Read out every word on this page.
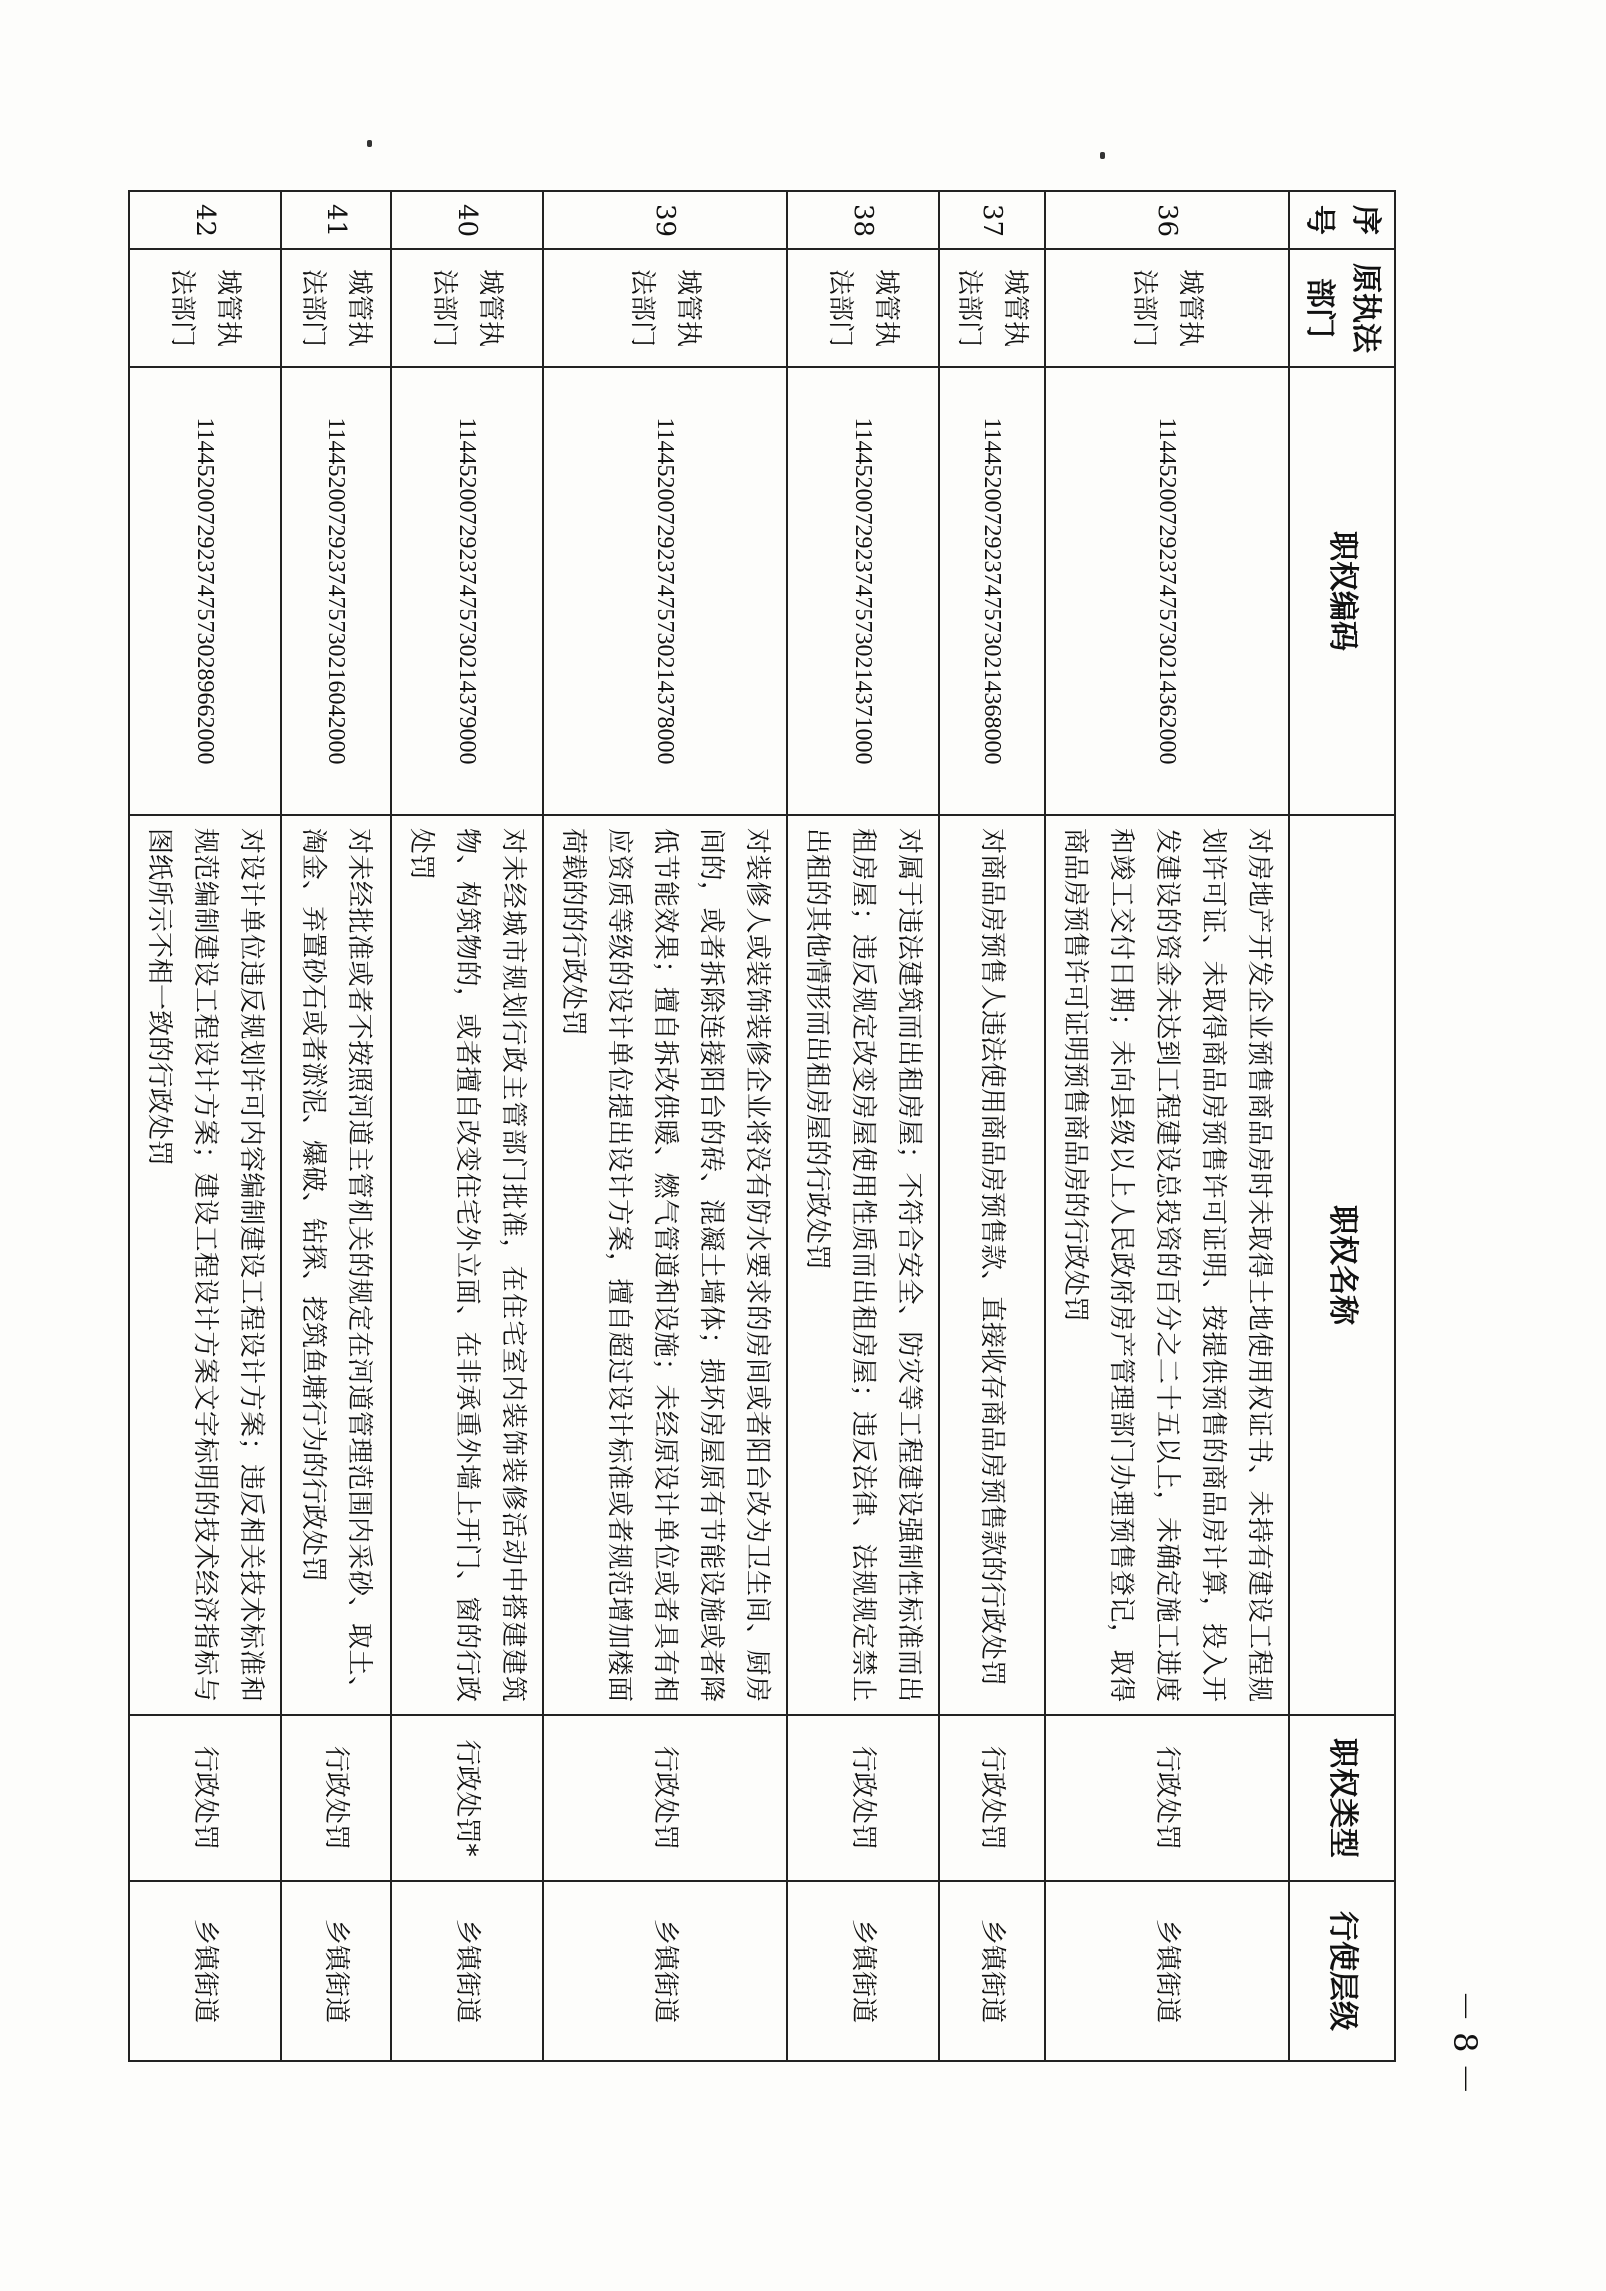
序号	原执法部门	职权编码	职权名称	职权类型	行使层级
36	城管执法部门	11445200729237475730214362000	对房地产开发企业预售商品房时未取得土地使用权证书、未持有建设工程规划许可证、未取得商品房预售许可证明、按提供预售的商品房计算，投入开发建设的资金未达到工程建设总投资的百分之二十五以上，未确定施工进度和竣工交付日期；未向县级以上人民政府房产管理部门办理预售登记，取得商品房预售许可证明预售商品房的行政处罚	行政处罚	乡镇街道
37	城管执法部门	11445200729237475730214368000	对商品房预售人违法使用商品房预售款、直接收存商品房预售款的行政处罚	行政处罚	乡镇街道
38	城管执法部门	11445200729237475730214371000	对属于违法建筑而出租房屋；不符合安全、防灾等工程建设强制性标准而出租房屋；违反规定改变房屋使用性质而出租房屋；违反法律、法规规定禁止出租的其他情形而出租房屋的行政处罚	行政处罚	乡镇街道
39	城管执法部门	11445200729237475730214378000	对装修人或装饰装修企业将没有防水要求的房间或者阳台改为卫生间、厨房间的，或者拆除连接阳台的砖、混凝土墙体；损坏房屋原有节能设施或者降低节能效果；擅自拆改供暖、燃气管道和设施；未经原设计单位或者具有相应资质等级的设计单位提出设计方案，擅自超过设计标准或者规范增加楼面荷载的的行政处罚	行政处罚	乡镇街道
40	城管执法部门	11445200729237475730214379000	对未经城市规划行政主管部门批准，在住宅室内装饰装修活动中搭建建筑物、构筑物的，或者擅自改变住宅外立面、在非承重外墙上开门、窗的行政处罚	行政处罚*	乡镇街道
41	城管执法部门	11445200729237475730216042000	对未经批准或者不按照河道主管机关的规定在河道管理范围内采砂、取土、淘金、弃置砂石或者淤泥、爆破、钻探、挖筑鱼塘行为的行政处罚	行政处罚	乡镇街道
42	城管执法部门	11445200729237475730289662000	对设计单位违反规划许可内容编制建设工程设计方案；违反相关技术标准和规范编制建设工程设计方案；建设工程设计方案文字标明的技术经济指标与图纸所示不相一致的行政处罚	行政处罚	乡镇街道
－ 8 －
